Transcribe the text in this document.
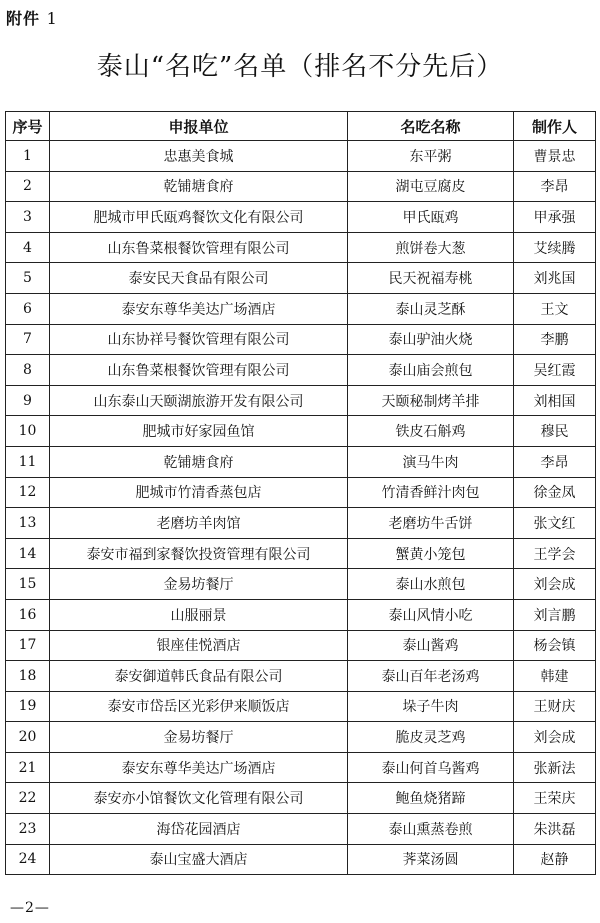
附件 1
泰山“名吃”名单（排名不分先后）
序号	申报单位	名吃名称	制作人
1	忠惠美食城	东平粥	曹景忠
2	乾铺塘食府	湖屯豆腐皮	李昂
3	肥城市甲氏瓯鸡餐饮文化有限公司	甲氏瓯鸡	甲承强
4	山东鲁菜根餐饮管理有限公司	煎饼卷大葱	艾续腾
5	泰安民天食品有限公司	民天祝福寿桃	刘兆国
6	泰安东尊华美达广场酒店	泰山灵芝酥	王文
7	山东协祥号餐饮管理有限公司	泰山驴油火烧	李鹏
8	山东鲁菜根餐饮管理有限公司	泰山庙会煎包	吴红霞
9	山东泰山天颐湖旅游开发有限公司	天颐秘制烤羊排	刘相国
10	肥城市好家园鱼馆	铁皮石斛鸡	穆民
11	乾铺塘食府	演马牛肉	李昂
12	肥城市竹清香蒸包店	竹清香鲜汁肉包	徐金凤
13	老磨坊羊肉馆	老磨坊牛舌饼	张文红
14	泰安市福到家餐饮投资管理有限公司	蟹黄小笼包	王学会
15	金易坊餐厅	泰山水煎包	刘会成
16	山服丽景	泰山风情小吃	刘言鹏
17	银座佳悦酒店	泰山酱鸡	杨会镇
18	泰安御道韩氏食品有限公司	泰山百年老汤鸡	韩建
19	泰安市岱岳区光彩伊来顺饭店	垛子牛肉	王财庆
20	金易坊餐厅	脆皮灵芝鸡	刘会成
21	泰安东尊华美达广场酒店	泰山何首乌酱鸡	张新法
22	泰安亦小馆餐饮文化管理有限公司	鲍鱼烧猪蹄	王荣庆
23	海岱花园酒店	泰山熏蒸卷煎	朱洪磊
24	泰山宝盛大酒店	荠菜汤圆	赵静
—2—
